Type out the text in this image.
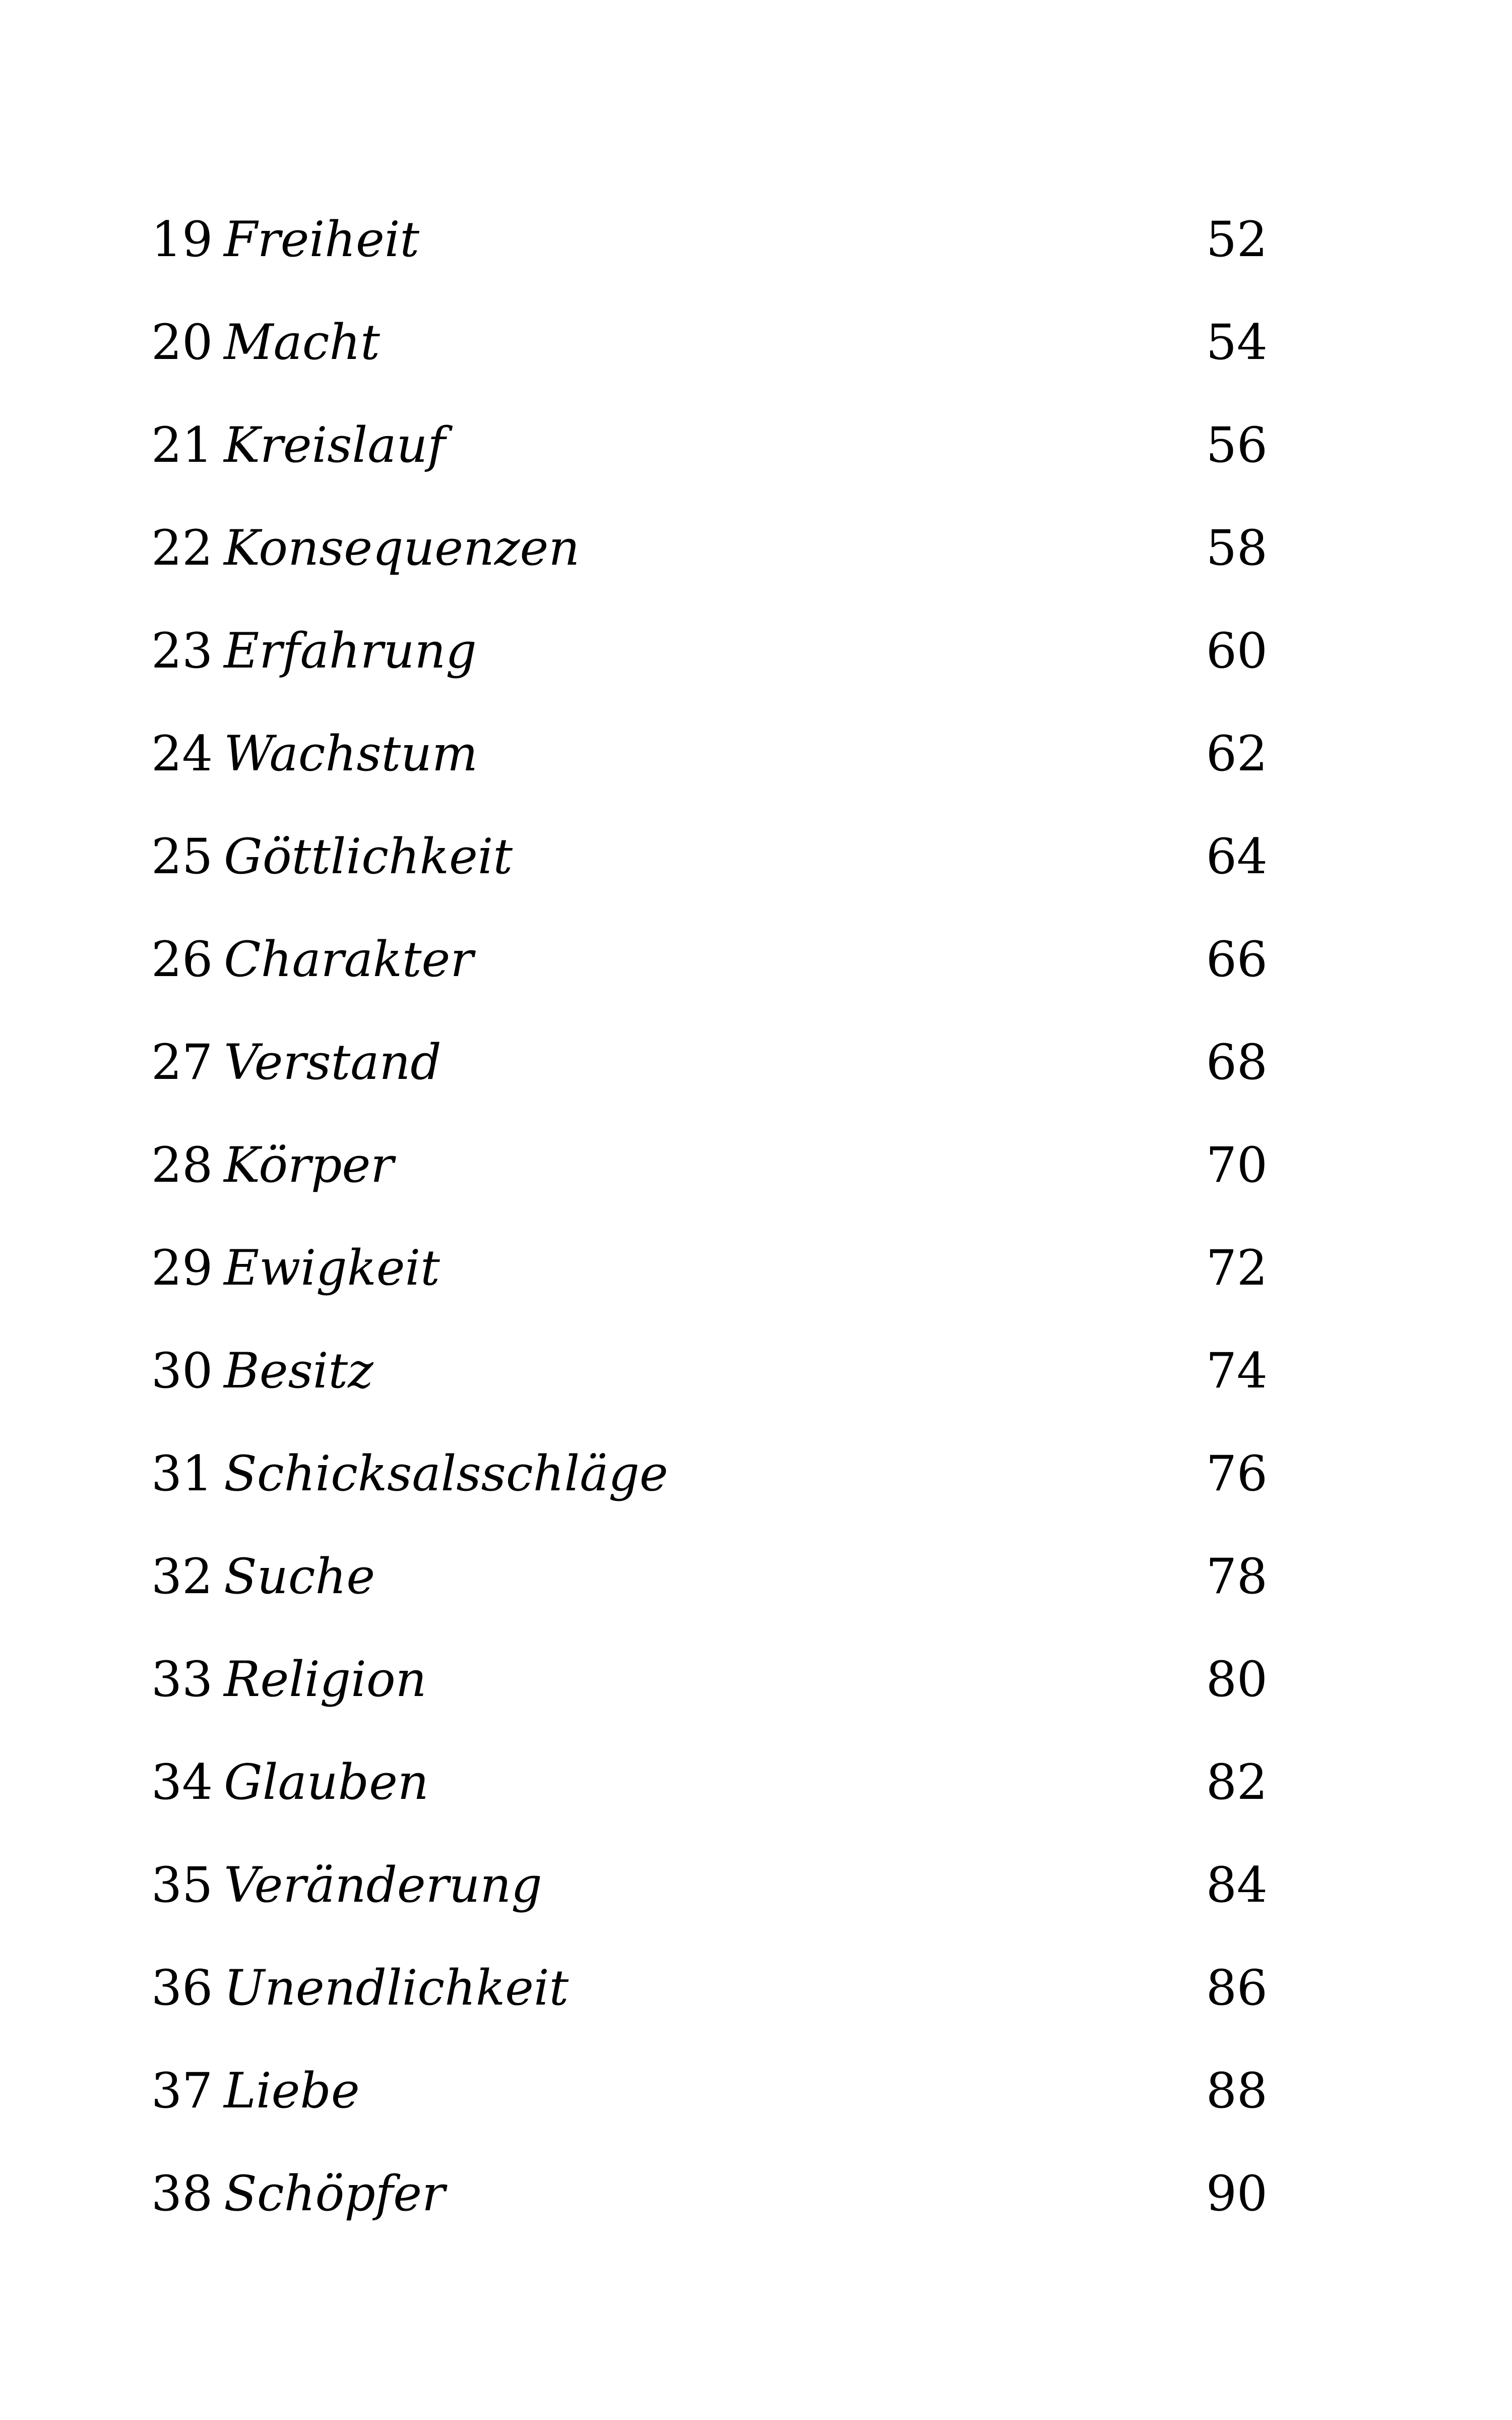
19 Freiheit	52
20 Macht	54
21 Kreislauf	56
22 Konsequenzen	58
23 Erfahrung	60
24 Wachstum	62
25 Göttlichkeit	64
26 Charakter	66
27 Verstand	68
28 Körper	70
29 Ewigkeit	72
30 Besitz	74
31 Schicksalsschläge	76
32 Suche	78
33 Religion	80
34 Glauben	82
35 Veränderung	84
36 Unendlichkeit	86
37 Liebe	88
38 Schöpfer	90
